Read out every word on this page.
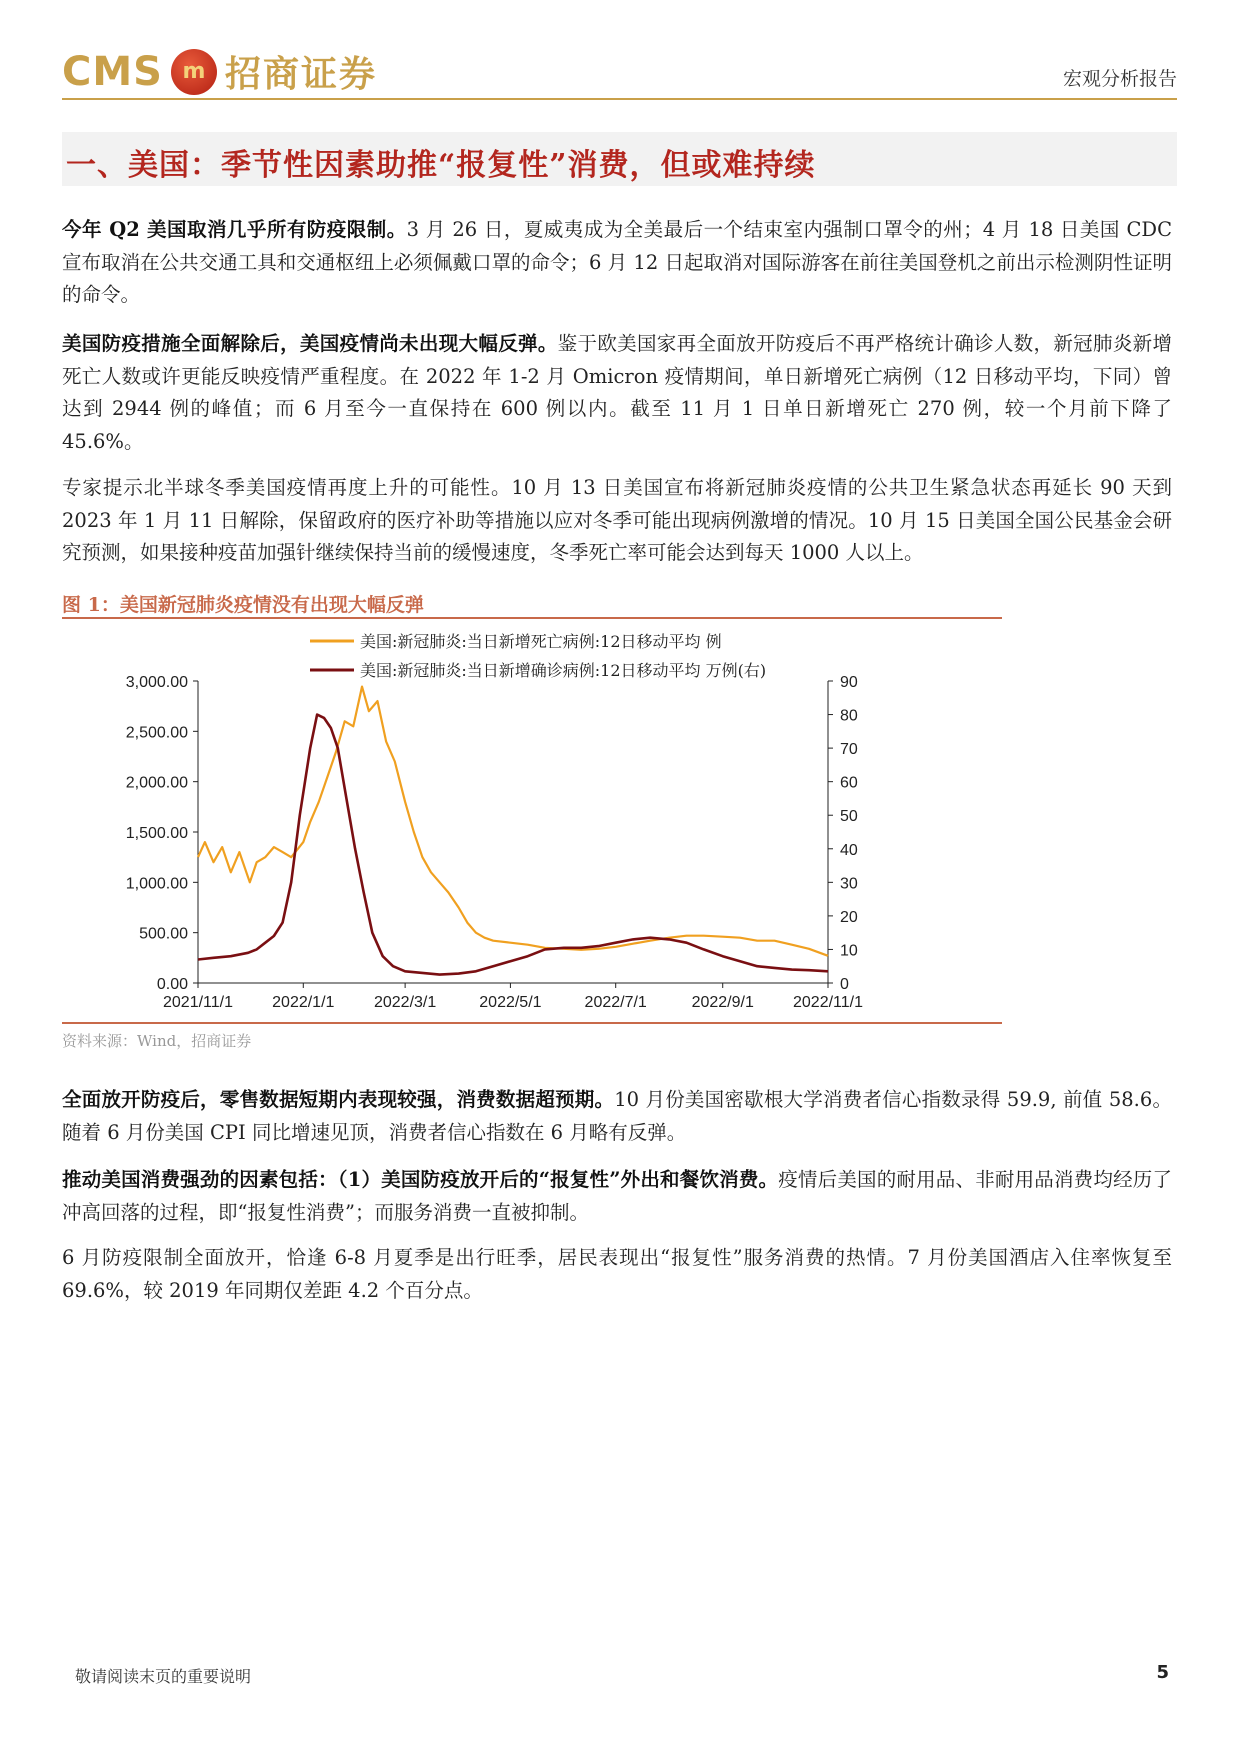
CMS m 招商证券	宏观分析报告
一、美国：季节性因素助推“报复性”消费，但或难持续

今年 Q2 美国取消几乎所有防疫限制。3 月 26 日，夏威夷成为全美最后一个结束室内强制口罩令的州；4 月 18 日美国 CDC 宣布取消在公共交通工具和交通枢纽上必须佩戴口罩的命令；6 月 12 日起取消对国际游客在前往美国登机之前出示检测阴性证明的命令。

美国防疫措施全面解除后，美国疫情尚未出现大幅反弹。鉴于欧美国家再全面放开防疫后不再严格统计确诊人数，新冠肺炎新增死亡人数或许更能反映疫情严重程度。在 2022 年 1-2 月 Omicron 疫情期间，单日新增死亡病例（12 日移动平均，下同）曾达到 2944 例的峰值；而 6 月至今一直保持在 600 例以内。截至 11 月 1 日单日新增死亡 270 例，较一个月前下降了 45.6%。

专家提示北半球冬季美国疫情再度上升的可能性。10 月 13 日美国宣布将新冠肺炎疫情的公共卫生紧急状态再延长 90 天到 2023 年 1 月 11 日解除，保留政府的医疗补助等措施以应对冬季可能出现病例激增的情况。10 月 15 日美国全国公民基金会研究预测，如果接种疫苗加强针继续保持当前的缓慢速度，冬季死亡率可能会达到每天 1000 人以上。

图 1：美国新冠肺炎疫情没有出现大幅反弹
美国:新冠肺炎:当日新增死亡病例:12日移动平均 例
美国:新冠肺炎:当日新增确诊病例:12日移动平均 万例(右)
0.00
500.00
1,000.00
1,500.00
2,000.00
2,500.00
3,000.00
0
10
20
30
40
50
60
70
80
90
2021/11/1 2022/1/1 2022/3/1	2022/5/1	2022/7/1	2022/9/1 2022/11/1
资料来源：Wind，招商证券

全面放开防疫后，零售数据短期内表现较强，消费数据超预期。10 月份美国密歇根大学消费者信心指数录得 59.9, 前值 58.6。随着 6 月份美国 CPI 同比增速见顶，消费者信心指数在 6 月略有反弹。

推动美国消费强劲的因素包括：（1）美国防疫放开后的“报复性”外出和餐饮消费。疫情后美国的耐用品、非耐用品消费均经历了冲高回落的过程，即“报复性消费”；而服务消费一直被抑制。

6 月防疫限制全面放开，恰逢 6-8 月夏季是出行旺季，居民表现出“报复性”服务消费的热情。7 月份美国酒店入住率恢复至 69.6%，较 2019 年同期仅差距 4.2 个百分点。

敬请阅读末页的重要说明	5
